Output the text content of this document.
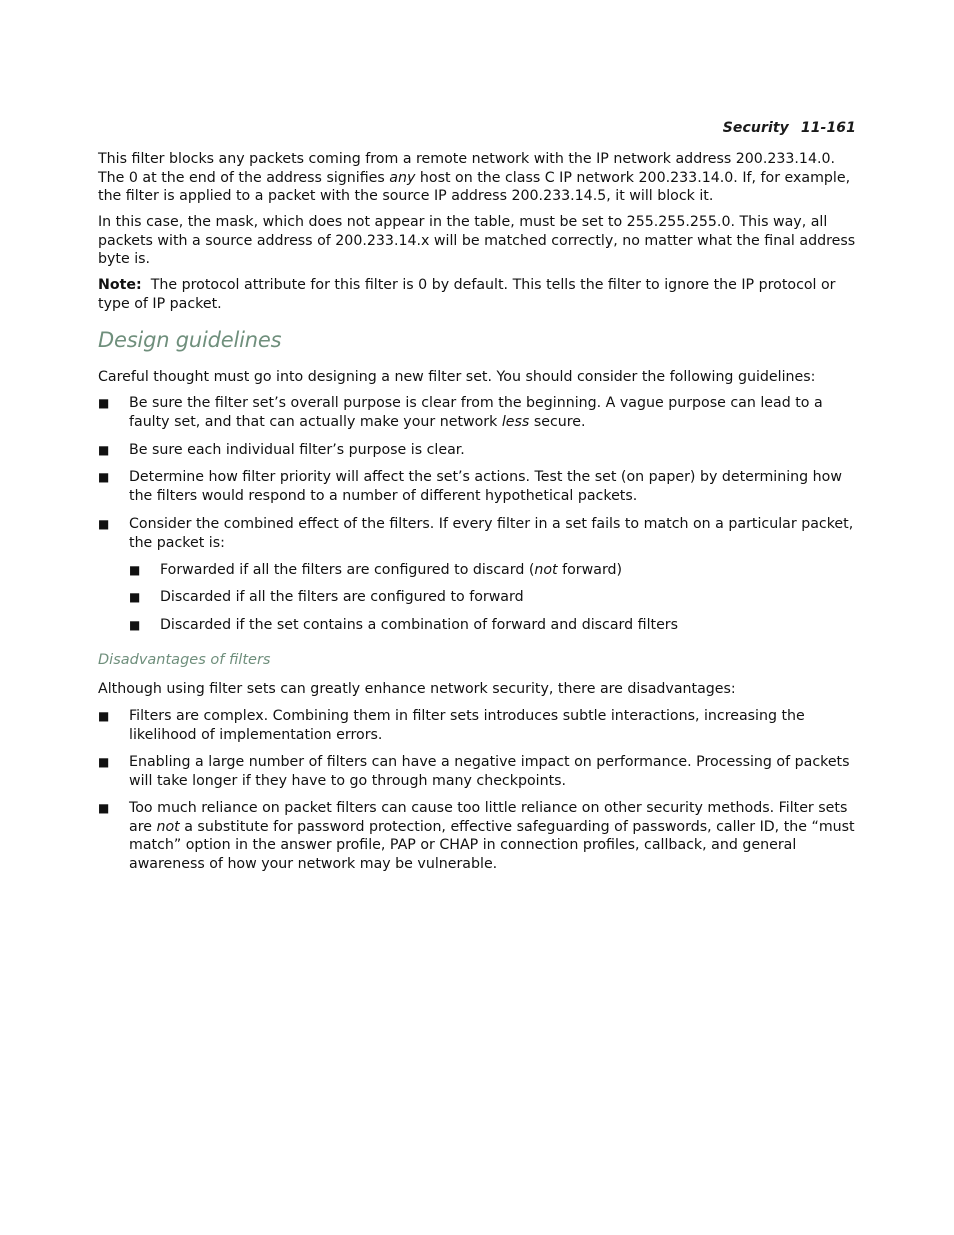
Security 11-161

This filter blocks any packets coming from a remote network with the IP network address 200.233.14.0. The 0 at the end of the address signifies any host on the class C IP network 200.233.14.0. If, for example, the filter is applied to a packet with the source IP address 200.233.14.5, it will block it.

In this case, the mask, which does not appear in the table, must be set to 255.255.255.0. This way, all packets with a source address of 200.233.14.x will be matched correctly, no matter what the final address byte is.

Note: The protocol attribute for this filter is 0 by default. This tells the filter to ignore the IP protocol or type of IP packet.

Design guidelines

Careful thought must go into designing a new filter set. You should consider the following guidelines:

■ Be sure the filter set’s overall purpose is clear from the beginning. A vague purpose can lead to a faulty set, and that can actually make your network less secure.
■ Be sure each individual filter’s purpose is clear.
■ Determine how filter priority will affect the set’s actions. Test the set (on paper) by determining how the filters would respond to a number of different hypothetical packets.
■ Consider the combined effect of the filters. If every filter in a set fails to match on a particular packet, the packet is:
■ Forwarded if all the filters are configured to discard (not forward)
■ Discarded if all the filters are configured to forward
■ Discarded if the set contains a combination of forward and discard filters
Disadvantages of filters

Although using filter sets can greatly enhance network security, there are disadvantages:

■ Filters are complex. Combining them in filter sets introduces subtle interactions, increasing the likelihood of implementation errors.
■ Enabling a large number of filters can have a negative impact on performance. Processing of packets will take longer if they have to go through many checkpoints.
■ Too much reliance on packet filters can cause too little reliance on other security methods. Filter sets are not a substitute for password protection, effective safeguarding of passwords, caller ID, the “must match” option in the answer profile, PAP or CHAP in connection profiles, callback, and general awareness of how your network may be vulnerable.
